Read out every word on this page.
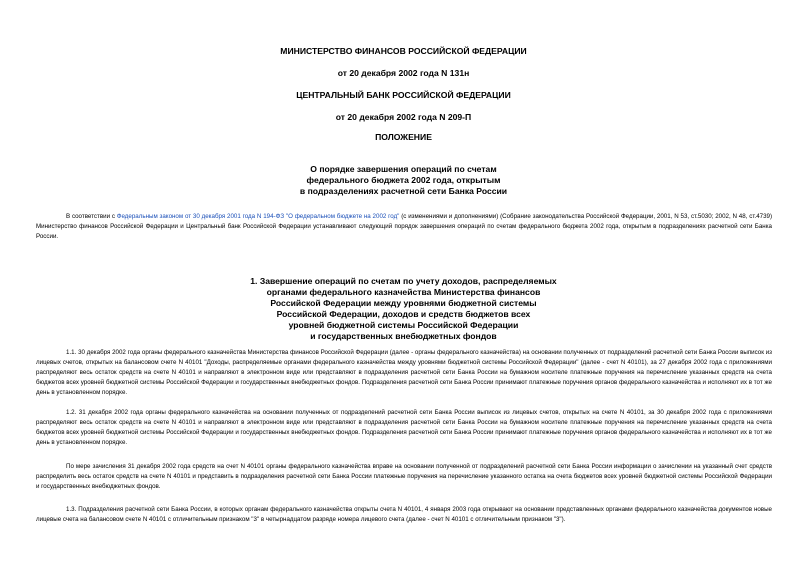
МИНИСТЕРСТВО ФИНАНСОВ РОССИЙСКОЙ ФЕДЕРАЦИИ
от 20 декабря 2002 года N 131н
ЦЕНТРАЛЬНЫЙ БАНК РОССИЙСКОЙ ФЕДЕРАЦИИ
от 20 декабря 2002 года N 209-П
ПОЛОЖЕНИЕ
О порядке завершения операций по счетам
федерального бюджета 2002 года, открытым
в подразделениях расчетной сети Банка России
В соответствии с Федеральным законом от 30 декабря 2001 года N 194-ФЗ "О федеральном бюджете на 2002 год" (с изменениями и дополнениями) (Собрание законодательства Российской Федерации, 2001, N 53, ст.5030; 2002, N 48, ст.4739) Министерство финансов Российской Федерации и Центральный банк Российской Федерации устанавливают следующий порядок завершения операций по счетам федерального бюджета 2002 года, открытым в подразделениях расчетной сети Банка России.
1. Завершение операций по счетам по учету доходов, распределяемых
органами федерального казначейства Министерства финансов
Российской Федерации между уровнями бюджетной системы
Российской Федерации, доходов и средств бюджетов всех
уровней бюджетной системы Российской Федерации
и государственных внебюджетных фондов
1.1. 30 декабря 2002 года органы федерального казначейства Министерства финансов Российской Федерации (далее - органы федерального казначейства) на основании полученных от подразделений расчетной сети Банка России выписок из лицевых счетов, открытых на балансовом счете N 40101 "Доходы, распределяемые органами федерального казначейства между уровнями бюджетной системы Российской Федерации" (далее - счет N 40101), за 27 декабря 2002 года с приложениями распределяют весь остаток средств на счете N 40101 и направляют в электронном виде или представляют в подразделения расчетной сети Банка России на бумажном носителе платежные поручения на перечисление указанных средств на счета бюджетов всех уровней бюджетной системы Российской Федерации и государственных внебюджетных фондов. Подразделения расчетной сети Банка России принимают платежные поручения органов федерального казначейства и исполняют их в тот же день в установленном порядке.
1.2. 31 декабря 2002 года органы федерального казначейства на основании полученных от подразделений расчетной сети Банка России выписок из лицевых счетов, открытых на счете N 40101, за 30 декабря 2002 года с приложениями распределяют весь остаток средств на счете N 40101 и направляют в электронном виде или представляют в подразделения расчетной сети Банка России на бумажном носителе платежные поручения на перечисление указанных средств на счета бюджетов всех уровней бюджетной системы Российской Федерации и государственных внебюджетных фондов. Подразделения расчетной сети Банка России принимают платежные поручения органов федерального казначейства и исполняют их в тот же день в установленном порядке.
По мере зачисления 31 декабря 2002 года средств на счет N 40101 органы федерального казначейства вправе на основании полученной от подразделений расчетной сети Банка России информации о зачислении на указанный счет средств распределить весь остаток средств на счете N 40101 и представить в подразделения расчетной сети Банка России платежные поручения на перечисление указанного остатка на счета бюджетов всех уровней бюджетной системы Российской Федерации и государственных внебюджетных фондов.
1.3. Подразделения расчетной сети Банка России, в которых органам федерального казначейства открыты счета N 40101, 4 января 2003 года открывают на основании представленных органами федерального казначейства документов новые лицевые счета на балансовом счете N 40101 с отличительным признаком "3" в четырнадцатом разряде номера лицевого счета (далее - счет N 40101 с отличительным признаком "3").
